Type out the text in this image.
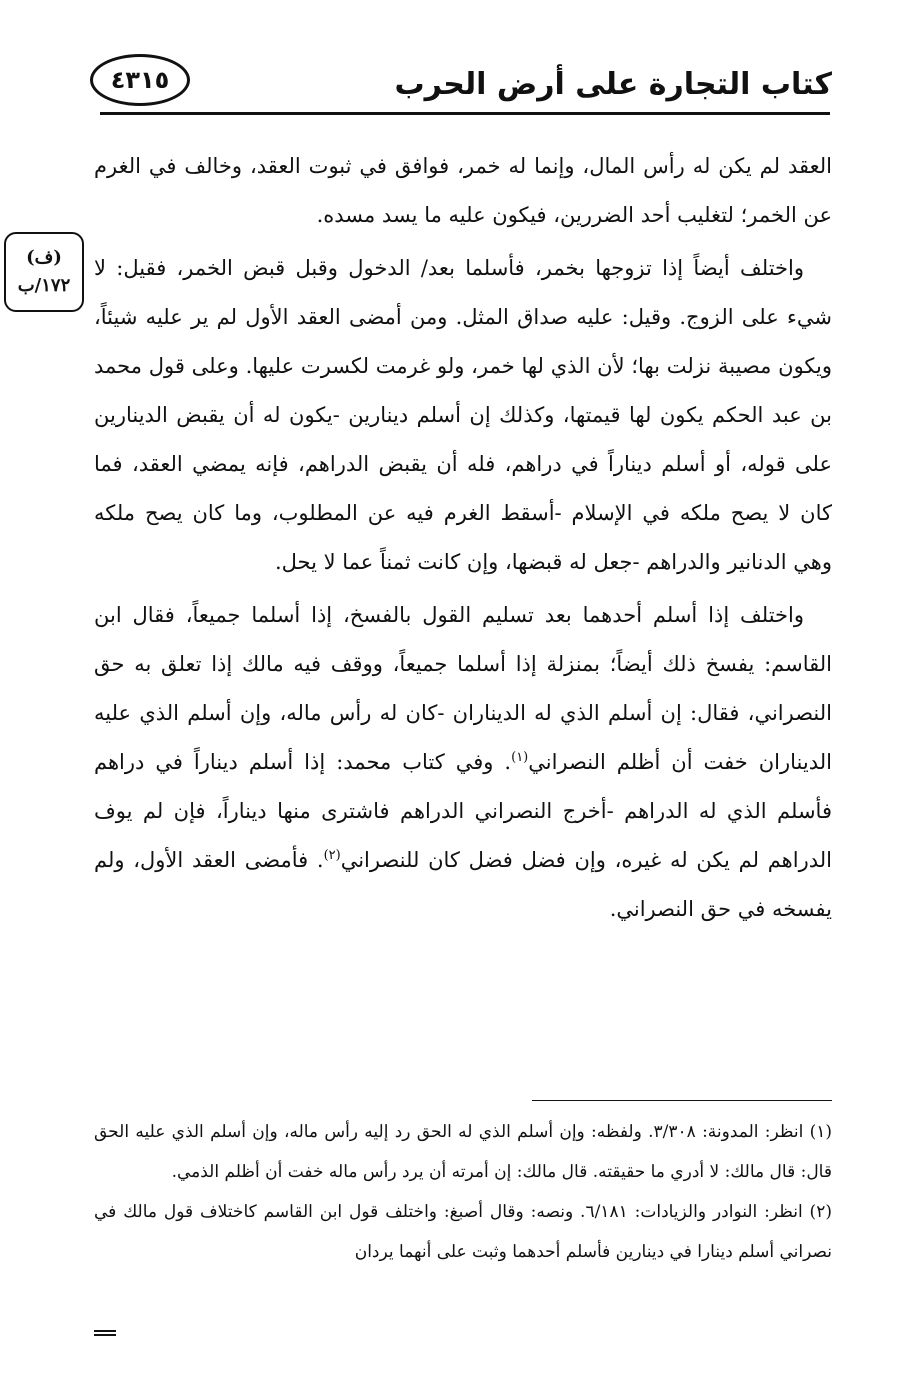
كتاب التجارة على أرض الحرب
٤٣١٥
(ف)
١٧٢/ب

العقد لم يكن له رأس المال، وإنما له خمر، فوافق في ثبوت العقد، وخالف في الغرم عن الخمر؛ لتغليب أحد الضررين، فيكون عليه ما يسد مسده.

واختلف أيضاً إذا تزوجها بخمر، فأسلما بعد/ الدخول وقبل قبض الخمر، فقيل: لا شيء على الزوج. وقيل: عليه صداق المثل. ومن أمضى العقد الأول لم ير عليه شيئاً، ويكون مصيبة نزلت بها؛ لأن الذي لها خمر، ولو غرمت لكسرت عليها. وعلى قول محمد بن عبد الحكم يكون لها قيمتها، وكذلك إن أسلم دينارين -يكون له أن يقبض الدينارين على قوله، أو أسلم ديناراً في دراهم، فله أن يقبض الدراهم، فإنه يمضي العقد، فما كان لا يصح ملكه في الإسلام -أسقط الغرم فيه عن المطلوب، وما كان يصح ملكه وهي الدنانير والدراهم -جعل له قبضها، وإن كانت ثمناً عما لا يحل.

واختلف إذا أسلم أحدهما بعد تسليم القول بالفسخ، إذا أسلما جميعاً، فقال ابن القاسم: يفسخ ذلك أيضاً؛ بمنزلة إذا أسلما جميعاً، ووقف فيه مالك إذا تعلق به حق النصراني، فقال: إن أسلم الذي له الديناران -كان له رأس ماله، وإن أسلم الذي عليه الديناران خفت أن أظلم النصراني$^{(١)}$. وفي كتاب محمد: إذا أسلم ديناراً في دراهم فأسلم الذي له الدراهم -أخرج النصراني الدراهم فاشترى منها ديناراً، فإن لم يوف الدراهم لم يكن له غيره، وإن فضل فضل كان للنصراني$^{(٢)}$. فأمضى العقد الأول، ولم يفسخه في حق النصراني.

(١) انظر: المدونة: ٣/٣٠٨. ولفظه: وإن أسلم الذي له الحق رد إليه رأس ماله، وإن أسلم الذي عليه الحق قال: قال مالك: لا أدري ما حقيقته. قال مالك: إن أمرته أن يرد رأس ماله خفت أن أظلم الذمي.

(٢) انظر: النوادر والزيادات: ٦/١٨١. ونصه: وقال أصبغ: واختلف قول ابن القاسم كاختلاف قول مالك في نصراني أسلم دينارا في دينارين فأسلم أحدهما وثبت على أنهما يردان
